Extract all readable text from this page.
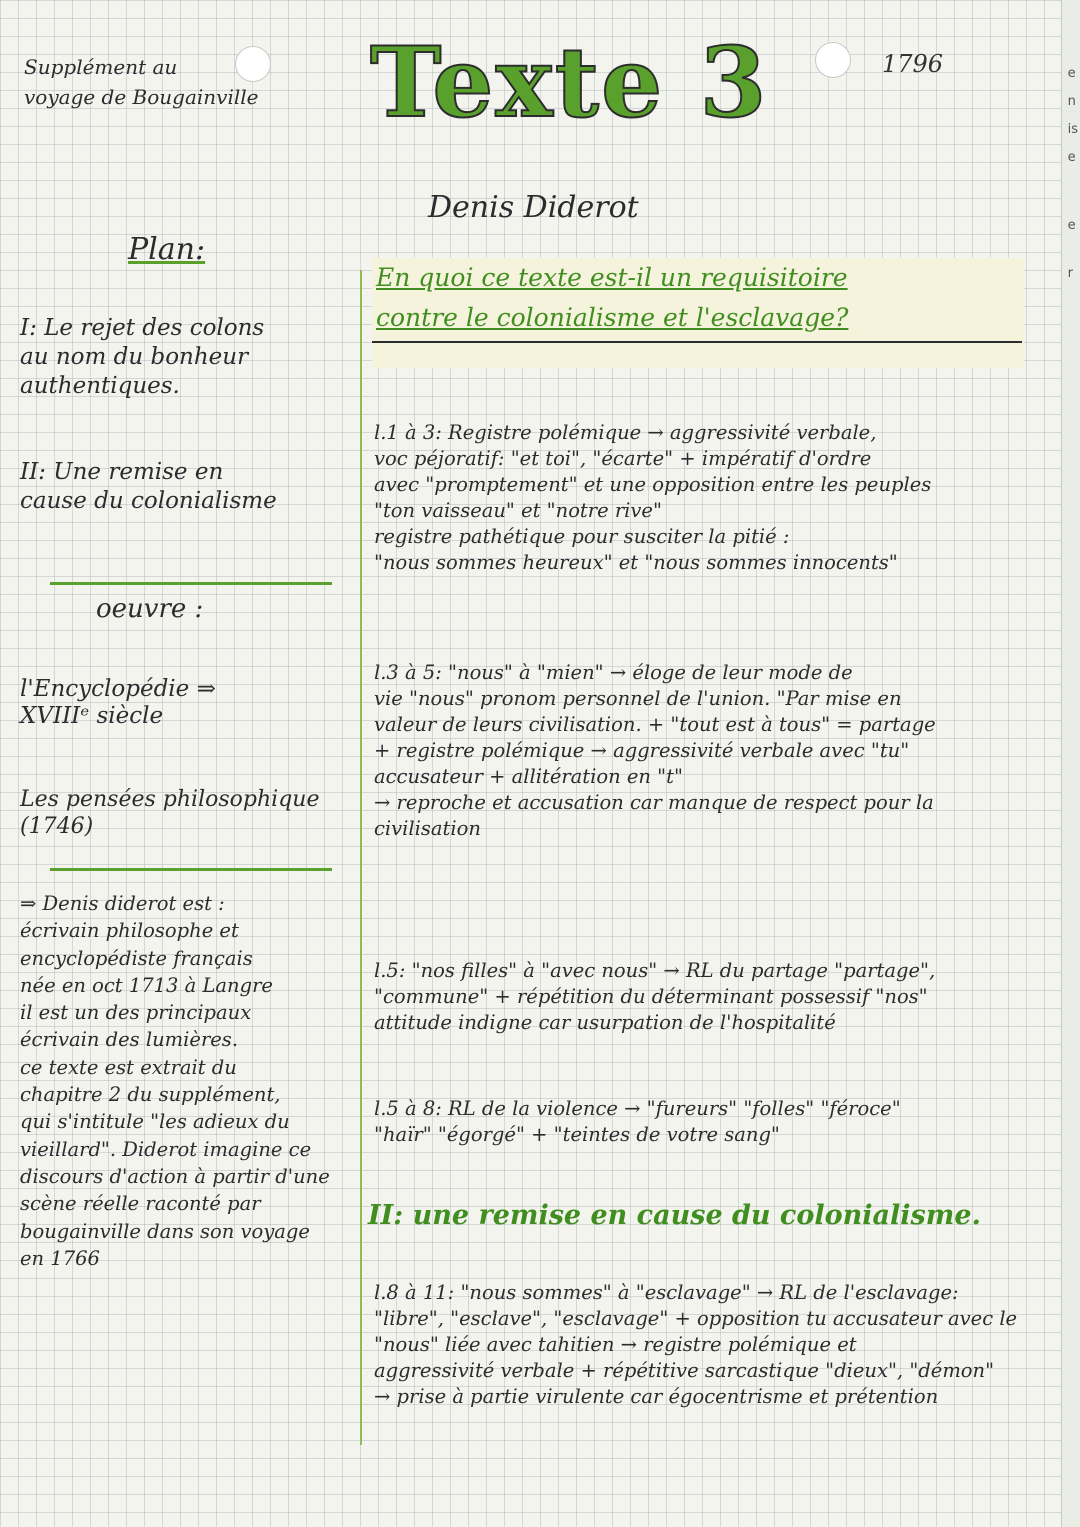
e
n
is
e
e
r
Supplément au
voyage de Bougainville Texte 3	1796
Denis Diderot
Plan:
I: Le rejet des colons
au nom du bonheur
authentiques.
II: Une remise en
cause du colonialisme
oeuvre :
l'Encyclopédie ⇒
XVIIIᵉ siècle
Les pensées philosophique
(1746)
⇒ Denis diderot est :
écrivain philosophe et
encyclopédiste français
née en oct 1713 à Langre
il est un des principaux
écrivain des lumières.
ce texte est extrait du
chapitre 2 du supplément,
qui s'intitule "les adieux du
vieillard". Diderot imagine ce
discours d'action à partir d'une
scène réelle raconté par
bougainville dans son voyage
en 1766
En quoi ce texte est-il un requisitoire
contre le colonialisme et l'esclavage?
l.1 à 3: Registre polémique → aggressivité verbale,
voc péjoratif: "et toi", "écarte" + impératif d'ordre
avec "promptement" et une opposition entre les peuples
"ton vaisseau" et "notre rive"
registre pathétique pour susciter la pitié :
"nous sommes heureux" et "nous sommes innocents"
l.3 à 5: "nous" à "mien" → éloge de leur mode de
vie "nous" pronom personnel de l'union. "Par mise en
valeur de leurs civilisation. + "tout est à tous" = partage
+ registre polémique → aggressivité verbale avec "tu"
accusateur + allitération en "t"
→ reproche et accusation car manque de respect pour la
civilisation
l.5: "nos filles" à "avec nous" → RL du partage "partage",
"commune" + répétition du déterminant possessif "nos"
attitude indigne car usurpation de l'hospitalité
l.5 à 8: RL de la violence → "fureurs" "folles" "féroce"
"haïr" "égorgé" + "teintes de votre sang"
II: une remise en cause du colonialisme.
l.8 à 11: "nous sommes" à "esclavage" → RL de l'esclavage:
"libre", "esclave", "esclavage" + opposition tu accusateur avec le
"nous" liée avec tahitien → registre polémique et
aggressivité verbale + répétitive sarcastique "dieux", "démon"
→ prise à partie virulente car égocentrisme et prétention
